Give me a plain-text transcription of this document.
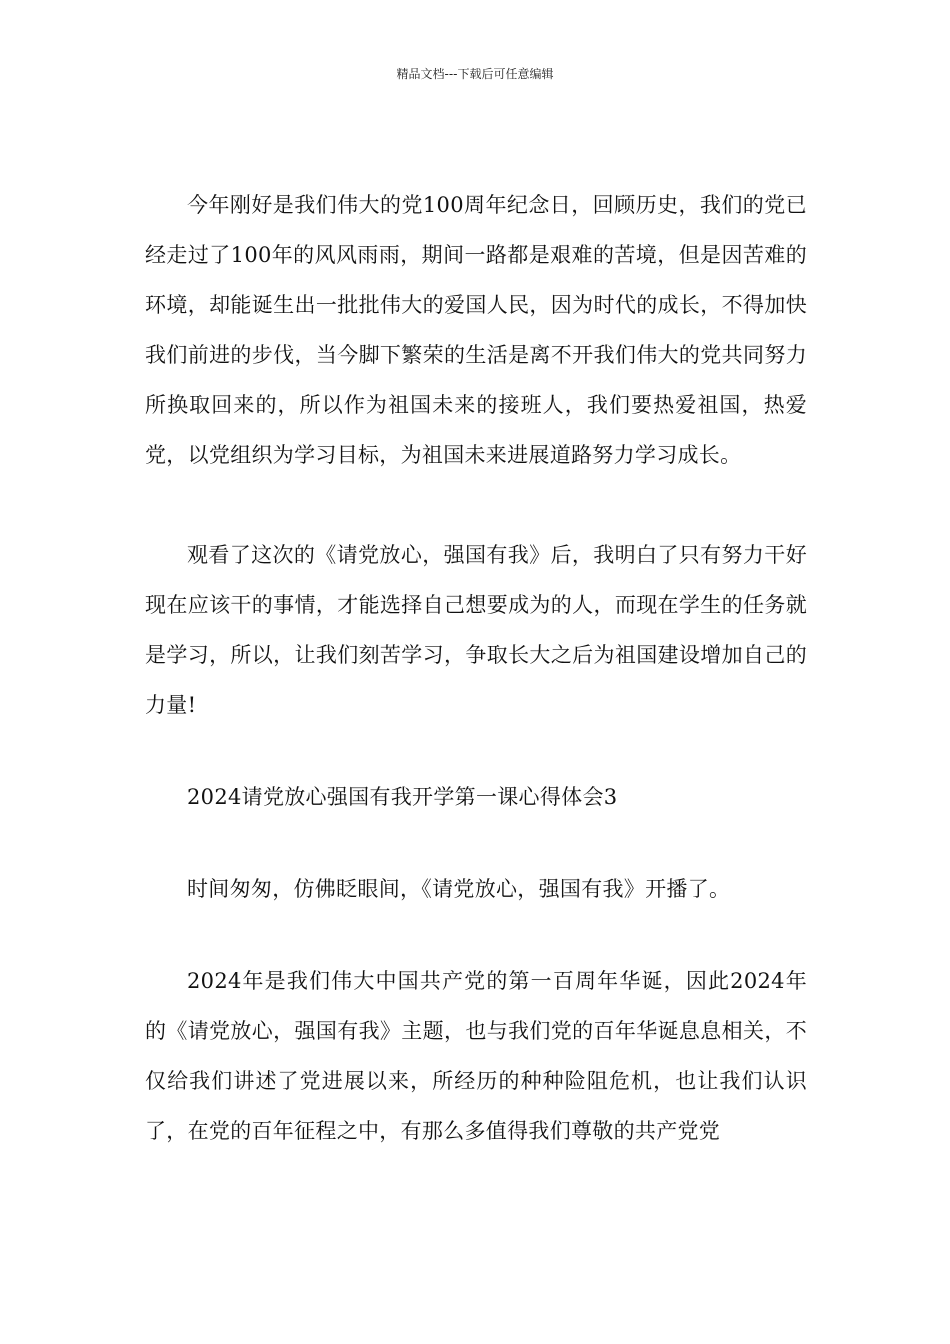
精品文档---下载后可任意编辑

今年刚好是我们伟大的党100周年纪念日，回顾历史，我们的党已经走过了100年的风风雨雨，期间一路都是艰难的苦境，但是因苦难的环境，却能诞生出一批批伟大的爱国人民，因为时代的成长，不得加快我们前进的步伐，当今脚下繁荣的生活是离不开我们伟大的党共同努力所换取回来的，所以作为祖国未来的接班人，我们要热爱祖国，热爱党，以党组织为学习目标，为祖国未来进展道路努力学习成长。

观看了这次的《请党放心，强国有我》后，我明白了只有努力干好现在应该干的事情，才能选择自己想要成为的人，而现在学生的任务就是学习，所以，让我们刻苦学习，争取长大之后为祖国建设增加自己的力量!

2024请党放心强国有我开学第一课心得体会3

时间匆匆，仿佛眨眼间，《请党放心，强国有我》开播了。

2024年是我们伟大中国共产党的第一百周年华诞，因此2024年的《请党放心，强国有我》主题，也与我们党的百年华诞息息相关，不仅给我们讲述了党进展以来，所经历的种种险阻危机，也让我们认识了，在党的百年征程之中，有那么多值得我们尊敬的共产党党
